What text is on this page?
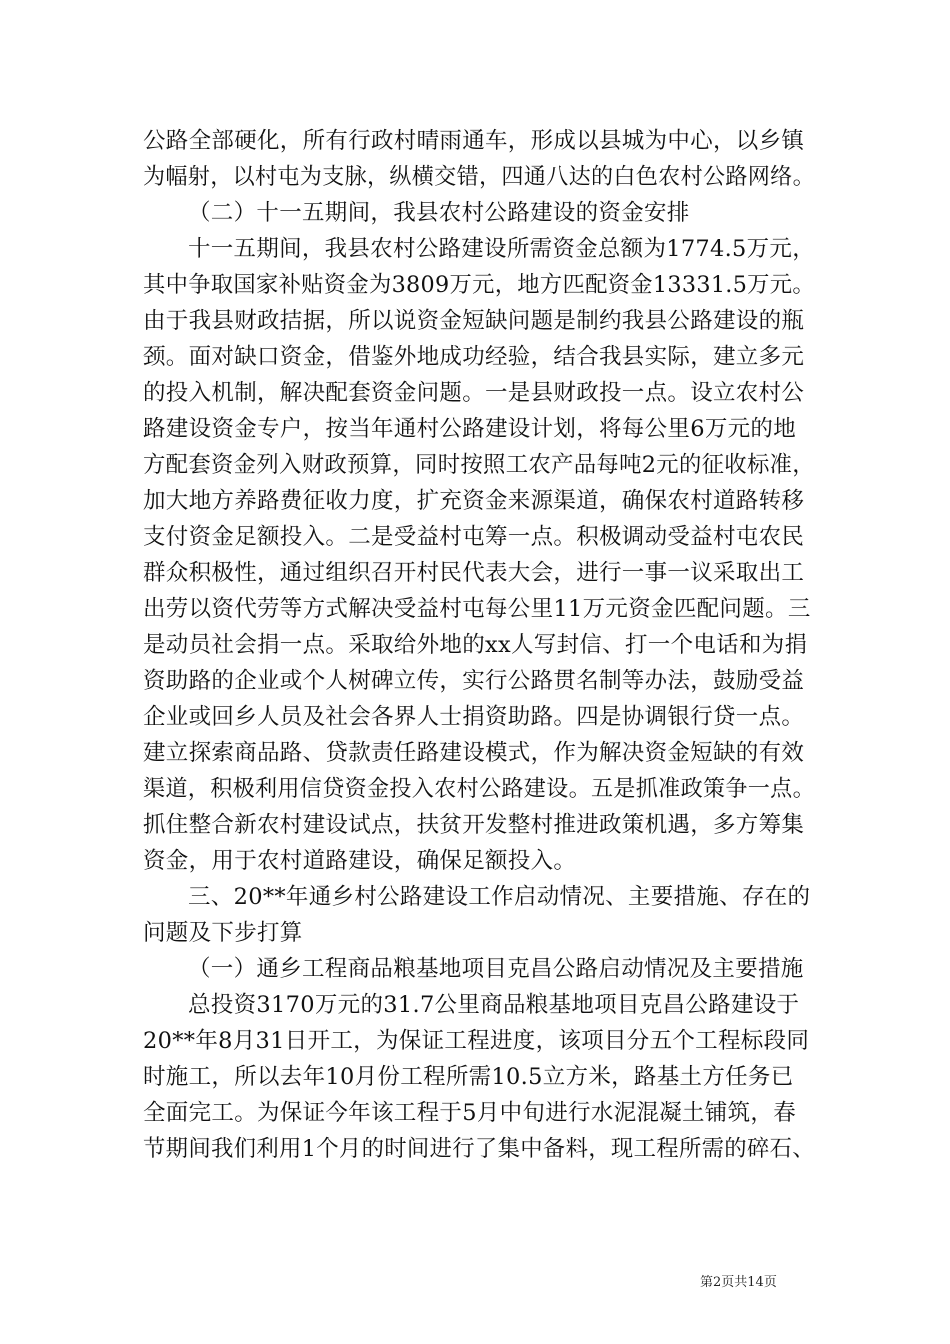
公路全部硬化，所有行政村晴雨通车，形成以县城为中心，以乡镇
为幅射，以村屯为支脉，纵横交错，四通八达的白色农村公路网络。
（二）十一五期间，我县农村公路建设的资金安排
十一五期间，我县农村公路建设所需资金总额为1774.5万元，
其中争取国家补贴资金为3809万元，地方匹配资金13331.5万元。
由于我县财政拮据，所以说资金短缺问题是制约我县公路建设的瓶
颈。面对缺口资金，借鉴外地成功经验，结合我县实际，建立多元
的投入机制，解决配套资金问题。一是县财政投一点。设立农村公
路建设资金专户，按当年通村公路建设计划，将每公里6万元的地
方配套资金列入财政预算，同时按照工农产品每吨2元的征收标准，
加大地方养路费征收力度，扩充资金来源渠道，确保农村道路转移
支付资金足额投入。二是受益村屯筹一点。积极调动受益村屯农民
群众积极性，通过组织召开村民代表大会，进行一事一议采取出工
出劳以资代劳等方式解决受益村屯每公里11万元资金匹配问题。三
是动员社会捐一点。采取给外地的xx人写封信、打一个电话和为捐
资助路的企业或个人树碑立传，实行公路贯名制等办法，鼓励受益
企业或回乡人员及社会各界人士捐资助路。四是协调银行贷一点。
建立探索商品路、贷款责任路建设模式，作为解决资金短缺的有效
渠道，积极利用信贷资金投入农村公路建设。五是抓准政策争一点。
抓住整合新农村建设试点，扶贫开发整村推进政策机遇，多方筹集
资金，用于农村道路建设，确保足额投入。
三、20**年通乡村公路建设工作启动情况、主要措施、存在的
问题及下步打算
（一）通乡工程商品粮基地项目克昌公路启动情况及主要措施
总投资3170万元的31.7公里商品粮基地项目克昌公路建设于
20**年8月31日开工，为保证工程进度，该项目分五个工程标段同
时施工，所以去年10月份工程所需10.5立方米，路基土方任务已
全面完工。为保证今年该工程于5月中旬进行水泥混凝土铺筑，春
节期间我们利用1个月的时间进行了集中备料，现工程所需的碎石、
第2页共14页
